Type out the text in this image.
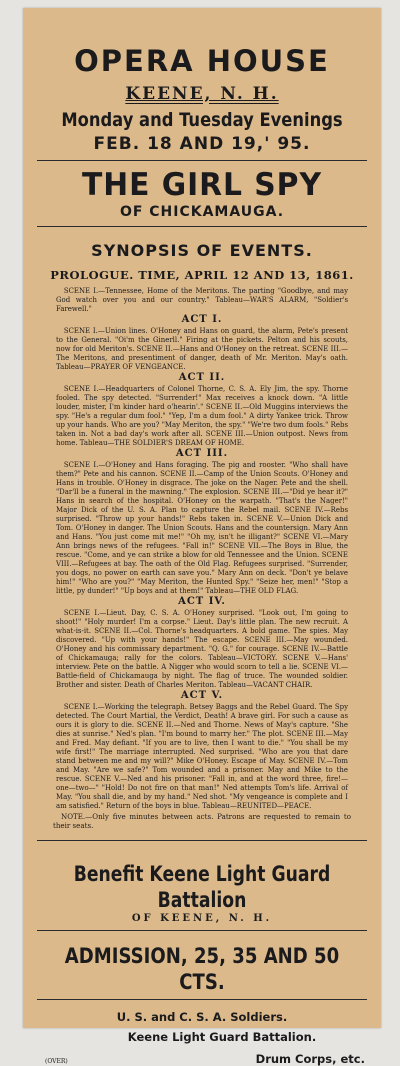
OPERA HOUSE
KEENE, N. H.
Monday and Tuesday Evenings
FEB. 18 AND 19,' 95.
THE GIRL SPY
OF CHICKAMAUGA.
SYNOPSIS OF EVENTS.
PROLOGUE. TIME, APRIL 12 AND 13, 1861.

SCENE I.—Tennessee, Home of the Meritons. The parting "Goodbye, and may God watch over you and our country." Tableau—WAR'S ALARM, "Soldier's Farewell."

ACT I.

SCENE I.—Union lines. O'Honey and Hans on guard, the alarm, Pete's present to the General. "Oi'm the Ginerll." Firing at the pickets. Pelton and his scouts, now for old Meriton's. SCENE II.—Hans and O'Honey on the retreat. SCENE III.—The Meritons, and presentiment of danger, death of Mr. Meriton. May's oath. Tableau—PRAYER OF VENGEANCE.

ACT II.

SCENE I.—Headquarters of Colonel Thorne, C. S. A. Ely Jim, the spy. Thorne fooled. The spy detected. "Surrender!" Max receives a knock down. "A little louder, mister, I'm kinder hard o'hearin'." SCENE II.—Old Muggins interviews the spy. "He's a regular dum fool." "Yep, I'm a dum fool." A dirty Yankee trick. Throw up your hands. Who are you? "May Meriton, the spy." "We're two dum fools." Rebs taken in. Not a bad day's work after all. SCENE III.—Union outpost. News from home. Tableau—THE SOLDIER'S DREAM OF HOME.

ACT III.

SCENE I.—O'Honey and Hans foraging. The pig and rooster. "Who shall have them?" Pete and his cannon. SCENE II.—Camp of the Union Scouts. O'Honey and Hans in trouble. O'Honey in disgrace. The joke on the Nager. Pete and the shell. "Dar'll be a funeral in the mawning." The explosion. SCENE III.—"Did ye hear it?" Hans in search of the hospital. O'Honey on the warpath. "That's the Nager!" Major Dick of the U. S. A. Plan to capture the Rebel mail. SCENE IV.—Rebs surprised. "Throw up your hands!" Rebs taken in. SCENE V.—Union Dick and Tom. O'Honey in danger. The Union Scouts. Hans and the countersign. Mary Ann and Hans. "You just come mit me!" "Oh my, isn't he illigant?" SCENE VI.—Mary Ann brings news of the refugees. "Fall in!" SCENE VII.—The Boys in Blue, the rescue. "Come, and ye can strike a blow for old Tennessee and the Union. SCENE VIII.—Refugees at bay. The oath of the Old Flag. Refugees surprised. "Surrender, you dogs, no power on earth can save you." Mary Ann on deck. "Don't ye belave him!" "Who are you?" "May Meriton, the Hunted Spy." "Seize her, men!" "Stop a little, py dunder!" "Up boys and at them!" Tableau—THE OLD FLAG.

ACT IV.

SCENE I.—Lieut. Day, C. S. A. O'Honey surprised. "Look out, I'm going to shoot!" "Holy murder! I'm a corpse." Lieut. Day's little plan. The new recruit. A what-is-it. SCENE II.—Col. Thorne's headquarters. A bold game. The spies. May discovered. "Up with your hands!" The escape. SCENE III.—May wounded. O'Honey and his commissary department. "Q. G." for courage. SCENE IV.—Battle of Chickamauga; rally for the colors. Tableau—VICTORY. SCENE V.—Hans' interview. Pete on the battle. A Nigger who would scorn to tell a lie. SCENE VI.—Battle-field of Chickamauga by night. The flag of truce. The wounded soldier. Brother and sister. Death of Charles Meriton. Tableau—VACANT CHAIR.

ACT V.

SCENE I.—Working the telegraph. Betsey Baggs and the Rebel Guard. The Spy detected. The Court Martial, the Verdict, Death! A brave girl. For such a cause as ours it is glory to die. SCENE II.—Ned and Thorne. News of May's capture. "She dies at sunrise." Ned's plan. "I'm bound to marry her." The plot. SCENE III.—May and Fred. May defiant. "If you are to live, then I want to die." "You shall be my wife first!" The marriage interrupted. Ned surprised. "Who are you that dare stand between me and my will?" Mike O'Honey. Escape of May. SCENE IV.—Tom and May. "Are we safe?" Tom wounded and a prisoner. May and Mike to the rescue. SCENE V.—Ned and his prisoner. "Fall in, and at the word three, fire!—one—two—" "Hold! Do not fire on that man!" Ned attempts Tom's life. Arrival of May. "You shall die, and by my hand." Ned shot. "My vengeance is complete and I am satisfied." Return of the boys in blue. Tableau—REUNITED—PEACE.

NOTE.—Only five minutes between acts. Patrons are requested to remain to their seats.

Benefit Keene Light Guard Battalion
OF KEENE, N. H.
ADMISSION, 25, 35 AND 50 CTS.
U. S. and C. S. A. Soldiers.
Keene Light Guard Battalion.
(OVER)	Drum Corps, etc.
